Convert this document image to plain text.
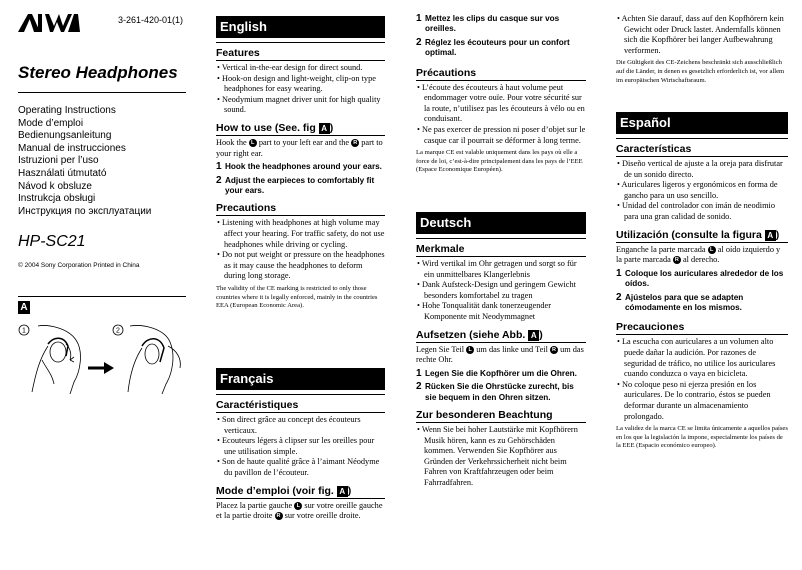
3-261-420-01(1)
Stereo Headphones
Operating Instructions
Mode d’emploi
Bedienungsanleitung
Manual de instrucciones
Istruzioni per l’uso
Használati útmutató
Návod k obsluze
Instrukcja obsługi
Инструкция по эксплуатации
HP-SC21
© 2004 Sony Corporation Printed in China
A
1	2
English
Features
• Vertical in-the-ear design for direct sound.
• Hook-on design and light-weight, clip-on type headphones for easy wearing.
• Neodymium magnet driver unit for high quality sound.
How to use (See. fig A )
Hook the L part to your left ear and the R part to your right ear.
1 Hook the headphones around your ears.
2 Adjust the earpieces to comfortably fit your ears.
Precautions
• Listening with headphones at high volume may affect your hearing. For traffic safety, do not use headphones while driving or cycling.
• Do not put weight or pressure on the headphones as it may cause the headphones to deform during long storage.
The validity of the CE marking is restricted to only those countries where it is legally enforced, mainly in the countries EEA (European Economic Area).
Français
Caractéristiques
• Son direct grâce au concept des écouteurs verticaux.
• Ecouteurs légers à clipser sur les oreilles pour une utilisation simple.
• Son de haute qualité grâce à l’aimant Néodyme du pavillon de l’écouteur.
Mode d’emploi (voir fig. A )
Placez la partie gauche L sur votre oreille gauche et la partie droite R sur votre oreille droite.
1 Mettez les clips du casque sur vos oreilles.
2 Réglez les écouteurs pour un confort optimal.
Précautions
• L’écoute des écouteurs à haut volume peut endommager votre ouïe. Pour votre sécurité sur la route, n’utilisez pas les écouteurs à vélo ou en conduisant.
• Ne pas exercer de pression ni poser d’objet sur le casque car il pourrait se déformer à long terme.
La marque CE est valable uniquement dans les pays où elle a force de loi, c’est-à-dire principalement dans les pays de l’EEE (Espace Economique Européen).
Deutsch
Merkmale
• Wird vertikal im Ohr getragen und sorgt so für ein unmittelbares Klangerlebnis
• Dank Aufsteck-Design und geringem Gewicht besonders komfortabel zu tragen
• Hohe Tonqualität dank tonerzeugender Komponente mit Neodymmagnet
Aufsetzen (siehe Abb. A )
Legen Sie Teil L um das linke und Teil R um das rechte Ohr.
1 Legen Sie die Kopfhörer um die Ohren.
2 Rücken Sie die Ohrstücke zurecht, bis sie bequem in den Ohren sitzen.
Zur besonderen Beachtung
• Wenn Sie bei hoher Lautstärke mit Kopfhörern Musik hören, kann es zu Gehörschäden kommen. Verwenden Sie Kopfhörer aus Gründen der Verkehrssicherheit nicht beim Fahren von Kraftfahrzeugen oder beim Fahrradfahren.
• Achten Sie darauf, dass auf den Kopfhörern kein Gewicht oder Druck lastet. Andernfalls können sich die Kopfhörer bei langer Aufbewahrung verformen.
Die Gültigkeit des CE-Zeichens beschränkt sich ausschließlich auf die Länder, in denen es gesetzlich erforderlich ist, vor allem im europäischen Wirtschaftsraum.
Español
Características
• Diseño vertical de ajuste a la oreja para disfrutar de un sonido directo.
• Auriculares ligeros y ergonómicos en forma de gancho para un uso sencillo.
• Unidad del controlador con imán de neodimio para una gran calidad de sonido.
Utilización (consulte la figura A )
Enganche la parte marcada L al oído izquierdo y la parte marcada R al derecho.
1 Coloque los auriculares alrededor de los oídos.
2 Ajústelos para que se adapten cómodamente en los mismos.
Precauciones
• La escucha con auriculares a un volumen alto puede dañar la audición. Por razones de seguridad de tráfico, no utilice los auriculares cuando conduzca o vaya en bicicleta.
• No coloque peso ni ejerza presión en los auriculares. De lo contrario, éstos se pueden deformar durante un almacenamiento prolongado.
La validez de la marca CE se limita únicamente a aquellos países en los que la legislación la impone, especialmente los países de la EEE (Espacio económico europeo).
